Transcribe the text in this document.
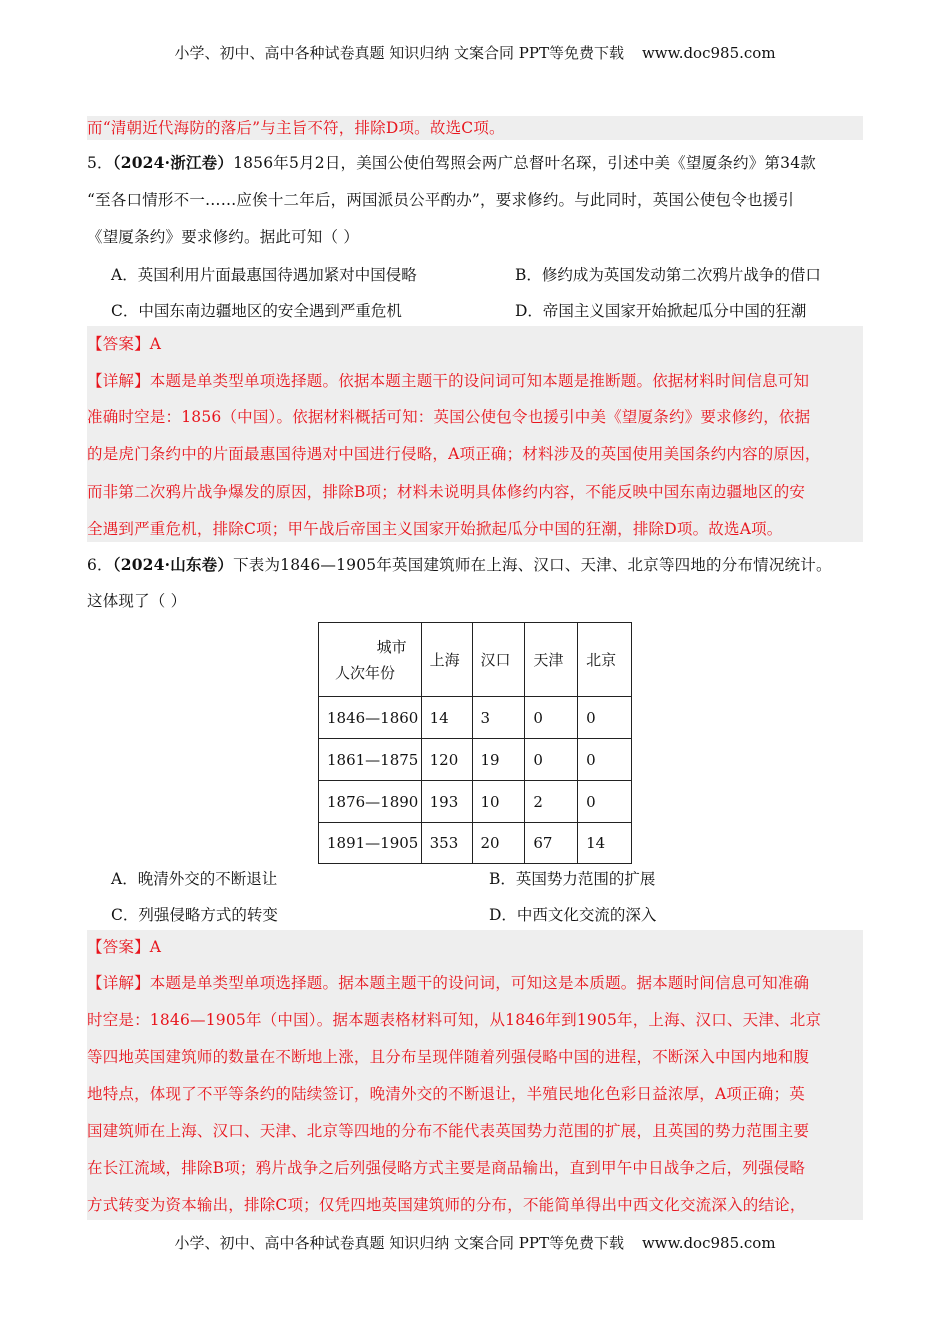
小学、初中、高中各种试卷真题 知识归纳 文案合同 PPT等免费下载 www.doc985.com
而“清朝近代海防的落后”与主旨不符，排除D项。故选C项。
5．（2024·浙江卷）1856年5月2日，美国公使伯驾照会两广总督叶名琛，引述中美《望厦条约》第34款
“至各口情形不一……应俟十二年后，两国派员公平酌办”，要求修约。与此同时，英国公使包令也援引
《望厦条约》要求修约。据此可知（ ）
A．英国利用片面最惠国待遇加紧对中国侵略	B．修约成为英国发动第二次鸦片战争的借口
C．中国东南边疆地区的安全遇到严重危机	D．帝国主义国家开始掀起瓜分中国的狂潮
【答案】A
【详解】本题是单类型单项选择题。依据本题主题干的设问词可知本题是推断题。依据材料时间信息可知
准确时空是：1856（中国）。依据材料概括可知：英国公使包令也援引中美《望厦条约》要求修约，依据
的是虎门条约中的片面最惠国待遇对中国进行侵略，A项正确；材料涉及的英国使用美国条约内容的原因，
而非第二次鸦片战争爆发的原因，排除B项；材料未说明具体修约内容，不能反映中国东南边疆地区的安
全遇到严重危机，排除C项；甲午战后帝国主义国家开始掀起瓜分中国的狂潮，排除D项。故选A项。
6．（2024·山东卷）下表为1846—1905年英国建筑师在上海、汉口、天津、北京等四地的分布情况统计。
这体现了（ ）
城市
人次年份	上海	汉口	天津	北京
1846—1860	14	3	0	0
1861—1875	120	19	0	0
1876—1890	193	10	2	0
1891—1905	353	20	67	14
A．晚清外交的不断退让	B．英国势力范围的扩展
C．列强侵略方式的转变	D．中西文化交流的深入
【答案】A
【详解】本题是单类型单项选择题。据本题主题干的设问词，可知这是本质题。据本题时间信息可知准确
时空是：1846—1905年（中国）。据本题表格材料可知，从1846年到1905年，上海、汉口、天津、北京
等四地英国建筑师的数量在不断地上涨，且分布呈现伴随着列强侵略中国的进程，不断深入中国内地和腹
地特点，体现了不平等条约的陆续签订，晚清外交的不断退让，半殖民地化色彩日益浓厚，A项正确；英
国建筑师在上海、汉口、天津、北京等四地的分布不能代表英国势力范围的扩展，且英国的势力范围主要
在长江流域，排除B项；鸦片战争之后列强侵略方式主要是商品输出，直到甲午中日战争之后，列强侵略
方式转变为资本输出，排除C项；仅凭四地英国建筑师的分布，不能简单得出中西文化交流深入的结论，
小学、初中、高中各种试卷真题 知识归纳 文案合同 PPT等免费下载 www.doc985.com
